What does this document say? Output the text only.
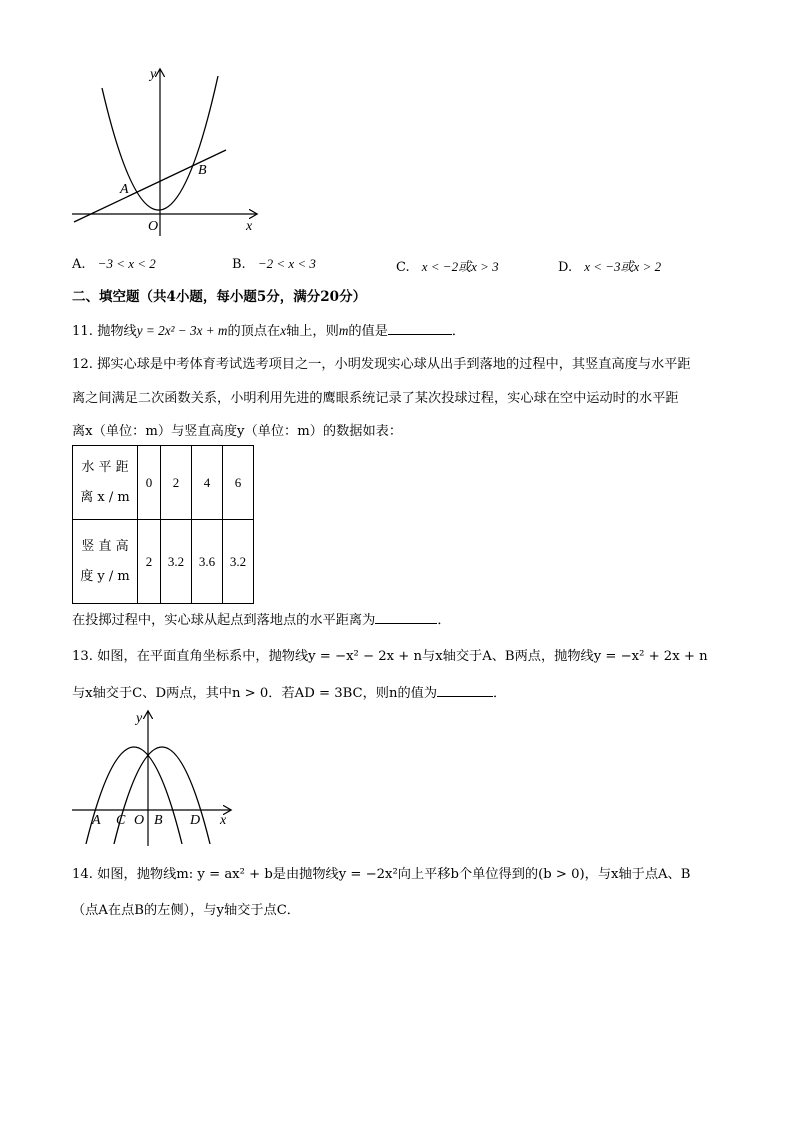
y
x
O
A
B
A. −3 < x < 2	B. −2 < x < 3	C. x < −2或x > 3	D. x < −3或x > 2
二、填空题（共4小题，每小题5分，满分20分）
11. 抛物线y = 2x² − 3x + m的顶点在x轴上，则m的值是	．
12. 掷实心球是中考体育考试选考项目之一，小明发现实心球从出手到落地的过程中，其竖直高度与水平距
离之间满足二次函数关系，小明利用先进的鹰眼系统记录了某次投球过程，实心球在空中运动时的水平距
离x（单位：m）与竖直高度y（单位：m）的数据如表：
水 平 距
离 x / m	0	2	4	6

竖 直 高
度 y / m	2	3.2	3.6	3.2
在投掷过程中，实心球从起点到落地点的水平距离为	．
13. 如图，在平面直角坐标系中，抛物线y = −x² − 2x + n与x轴交于A、B两点，抛物线y = −x² + 2x + n
与x轴交于C、D两点，其中n > 0．若AD = 3BC，则n的值为	．
y
x
A C O B D
14. 如图，抛物线m: y = ax² + b是由抛物线y = −2x²向上平移b个单位得到的(b > 0)，与x轴于点A、B
（点A在点B的左侧），与y轴交于点C．
